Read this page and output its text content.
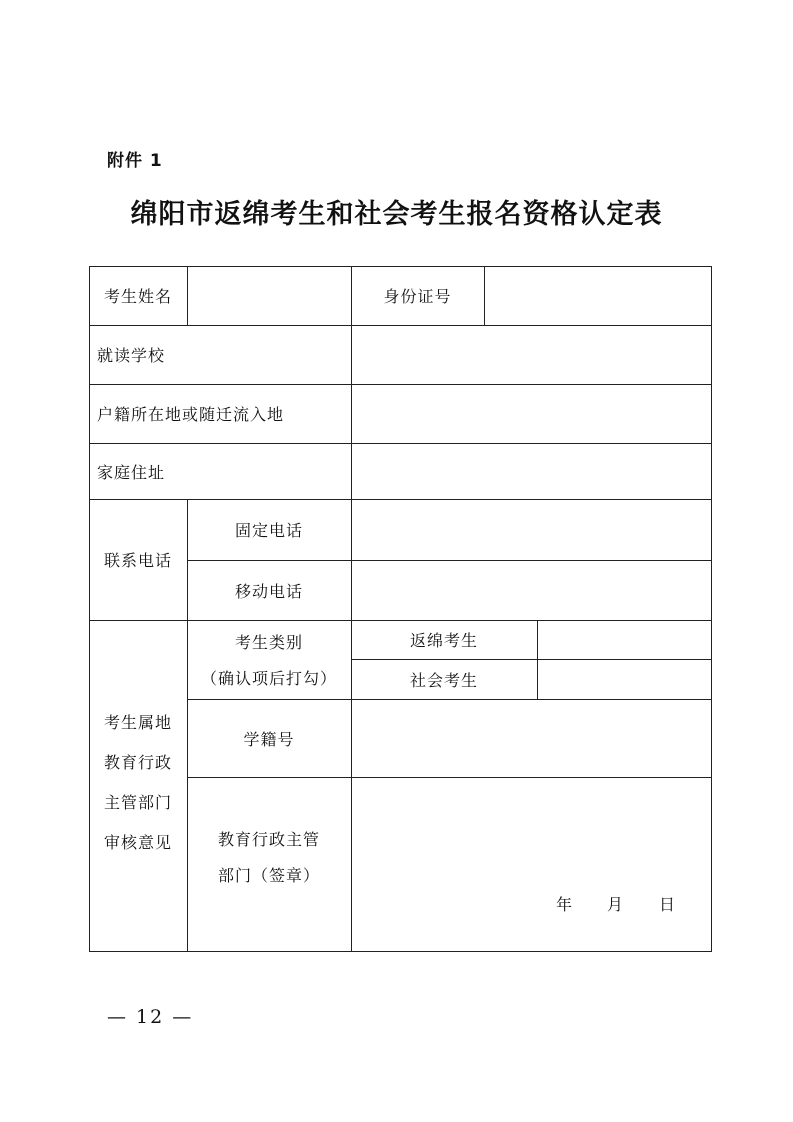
附件 1
绵阳市返绵考生和社会考生报名资格认定表
考生姓名	身份证号
就读学校
户籍所在地或随迁流入地
家庭住址
联系电话
固定电话
移动电话
考生属地
教育行政
主管部门
审核意见
考生类别
（确认项后打勾）
返绵考生
社会考生
学籍号
教育行政主管
部门（签章）
年 月 日
— 12 —
